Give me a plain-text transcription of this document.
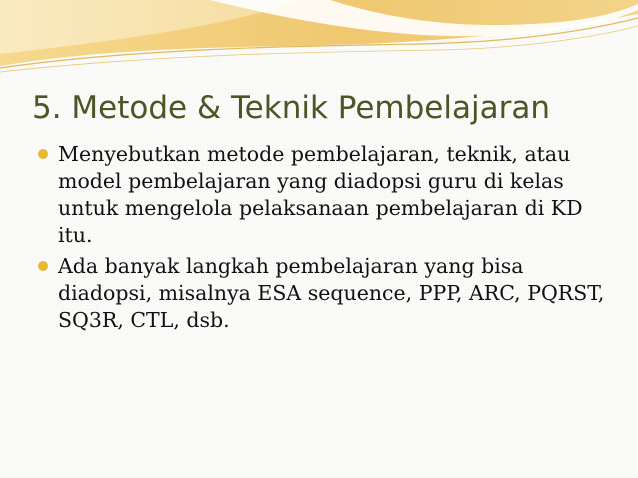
5. Metode & Teknik Pembelajaran
Menyebutkan metode pembelajaran, teknik, atau model pembelajaran yang diadopsi guru di kelas untuk mengelola pelaksanaan pembelajaran di KD itu.
Ada banyak langkah pembelajaran yang bisa diadopsi, misalnya ESA sequence, PPP, ARC, PQRST, SQ3R, CTL, dsb.
